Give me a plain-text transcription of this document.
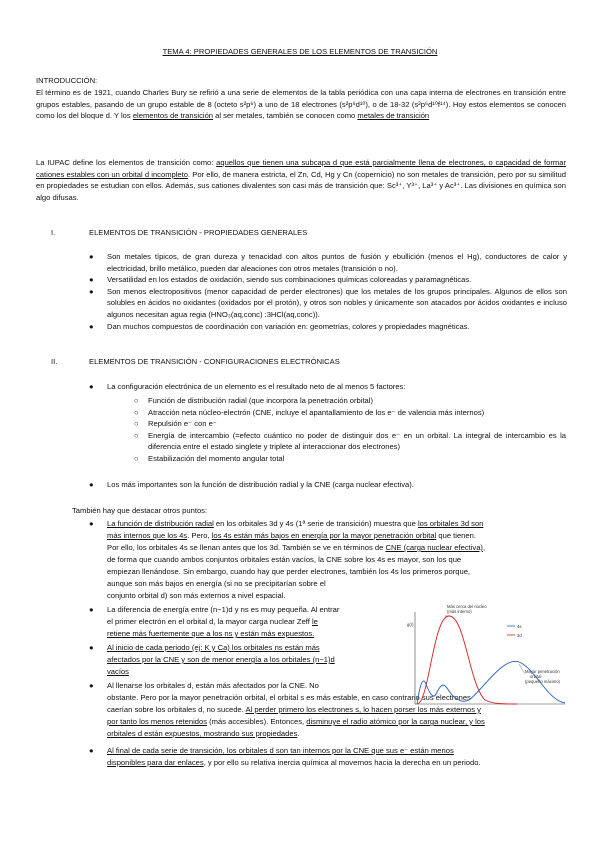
TEMA 4: PROPIEDADES GENERALES DE LOS ELEMENTOS DE TRANSICIÓN
INTRODUCCIÓN:
El término es de 1921, cuando Charles Bury se refirió a una serie de elementos de la tabla periódica con una capa interna de electrones en transición entre grupos estables, pasando de un grupo estable de 8 (octeto s²p⁶) a uno de 18 electrones (s²p⁶d¹⁰), o de 18-32 (s²p⁶d¹⁰f¹⁴). Hoy estos elementos se conocen como los del bloque d. Y los elementos de transición al ser metales, también se conocen como metales de transición
La IUPAC define los elementos de transición como: aquellos que tienen una subcapa d que está parcialmente llena de electrones, o capacidad de formar cationes estables con un orbital d incompleto. Por ello, de manera estricta, el Zn, Cd, Hg y Cn (copernicio) no son metales de transición, pero por su similitud en propiedades se estudian con ellos. Además, sus cationes divalentes son casi más de transición que: Sc³⁺, Y³⁺, La³⁺ y Ac³⁺. Las divisiones en química son algo difusas.
I.	ELEMENTOS DE TRANSICIÓN - PROPIEDADES GENERALES
● Son metales típicos, de gran dureza y tenacidad con altos puntos de fusión y ebullición (menos el Hg), conductores de calor y electricidad, brillo metálico, pueden dar aleaciones con otros metales (transición o no).
● Versatilidad en los estados de oxidación, siendo sus combinaciones químicas coloreadas y paramagnéticas.
● Son menos electropositivos (menor capacidad de perder electrones) que los metales de los grupos principales. Algunos de ellos son solubles en ácidos no oxidantes (oxidados por el protón), y otros son nobles y únicamente son atacados por ácidos oxidantes e incluso algunos necesitan agua regia (HNO₃(aq,conc) :3HCl(aq,conc)).
● Dan muchos compuestos de coordinación con variación en: geometrías, colores y propiedades magnéticas.
II.	ELEMENTOS DE TRANSICIÓN - CONFIGURACIONES ELECTRÓNICAS
● La configuración electrónica de un elemento es el resultado neto de al menos 5 factores:
○ Función de distribución radial (que incorpora la penetración orbital)
○ Atracción neta núcleo-electrón (CNE, incluye el apantallamiento de los e⁻ de valencia más internos)
○ Repulsión e⁻ con e⁻
○ Energía de intercambio (=efecto cuántico no poder de distinguir dos e⁻ en un orbital. La integral de intercambio es la diferencia entre el estado singlete y triplete al interaccionar dos electrones)
○ Estabilización del momento angular total
● Los más importantes son la función de distribución radial y la CNE (carga nuclear efectiva).
También hay que destacar otros puntos:
● La función de distribución radial en los orbitales 3d y 4s (1ª serie de transición) muestra que los orbitales 3d son
más internos que los 4s. Pero, los 4s están más bajos en energía por la mayor penetración orbital que tienen.
Por ello, los orbitales 4s se llenan antes que los 3d. También se ve en términos de CNE (carga nuclear efectiva),
de forma que cuando ambos conjuntos orbitales están vacíos, la CNE sobre los 4s es mayor, son los que
empiezan llenándose. Sin embargo, cuando hay que perder electrones, también los 4s los primeros porque,
aunque son más bajos en energía (si no se precipitarían sobre el
conjunto orbital d) son más externos a nivel espacial.
● La diferencia de energía entre (n−1)d y ns es muy pequeña. Al entrar
el primer electrón en el orbital d, la mayor carga nuclear Zeff le
retiene más fuertemente que a los ns y están más expuestos.
● Al inicio de cada periodo (ej: K y Ca) los orbitales ns están más
afectados por la CNE y son de menor energía a los orbitales (n−1)d
vacíos
● Al llenarse los orbitales d, están más afectados por la CNE. No
obstante. Pero por la mayor penetración orbital, el orbital s es más estable, en caso contrario sus electrones
caerían sobre los orbitales d, no sucede. Al perder primero los electrones s, lo hacen porser los más externos y
por tanto los menos retenidos (más accesibles). Entonces, disminuye el radio atómico por la carga nuclear, y los
orbitales d están expuestos, mostrando sus propiedades.
● Al final de cada serie de transición, los orbitales d son tan internos por la CNE que sus e⁻ están menos
disponibles para dar enlaces, y por ello su relativa inercia química al movernos hacia la derecha en un periodo.
g(r)
Más cerca del núcleo
(más interno)
Mayor penetración
orbital
(pequeño máximo)
4s
3d
